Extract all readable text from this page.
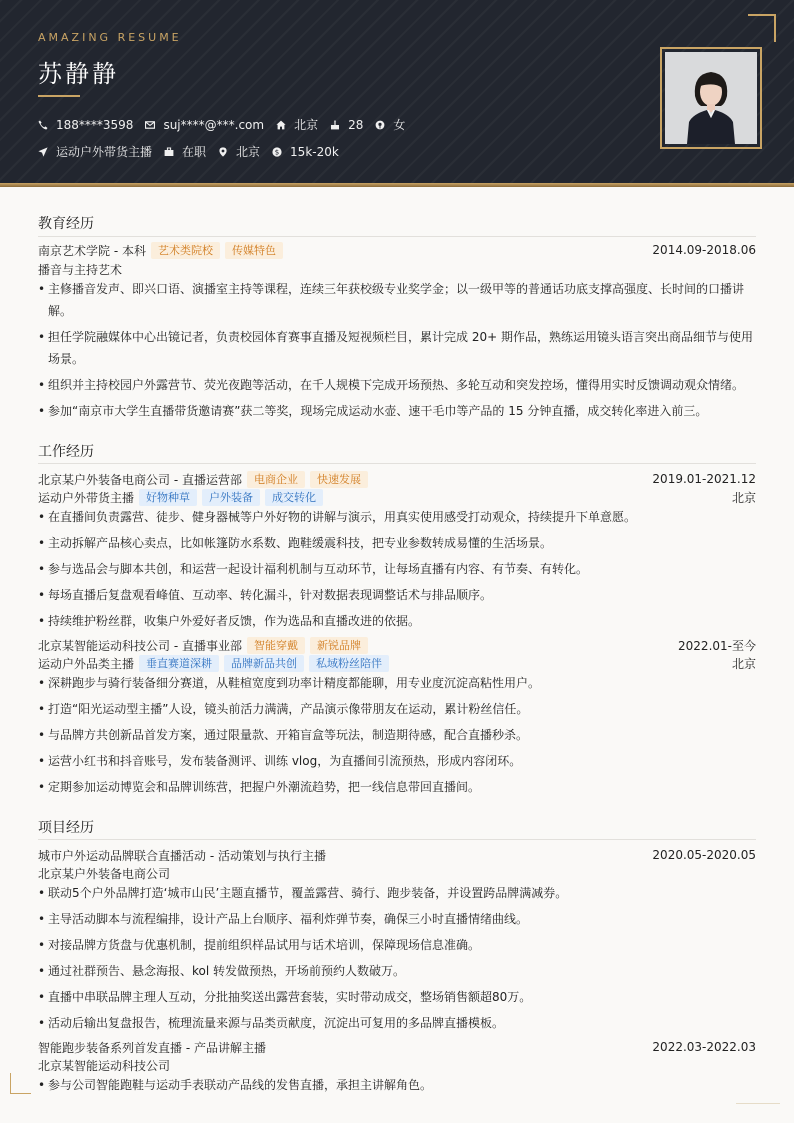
AMAZING RESUME
苏静静
188****3598	suj****@***.com	北京	28	女
运动户外带货主播	在职	北京 $ 15k-20k
教育经历
南京艺术学院 - 本科	艺术类院校	传媒特色	2014.09-2018.06
播音与主持艺术
• 主修播音发声、即兴口语、演播室主持等课程，连续三年获校级专业奖学金；以一级甲等的普通话功底支撑高强度、长时间的口播讲
解。
• 担任学院融媒体中心出镜记者，负责校园体育赛事直播及短视频栏目，累计完成 20+ 期作品，熟练运用镜头语言突出商品细节与使用
场景。
• 组织并主持校园户外露营节、荧光夜跑等活动，在千人规模下完成开场预热、多轮互动和突发控场，懂得用实时反馈调动观众情绪。
• 参加“南京市大学生直播带货邀请赛”获二等奖，现场完成运动水壶、速干毛巾等产品的 15 分钟直播，成交转化率进入前三。
工作经历
北京某户外装备电商公司 - 直播运营部	电商企业	快速发展	2019.01-2021.12
运动户外带货主播	好物种草	户外装备	成交转化	北京
• 在直播间负责露营、徒步、健身器械等户外好物的讲解与演示，用真实使用感受打动观众，持续提升下单意愿。
• 主动拆解产品核心卖点，比如帐篷防水系数、跑鞋缓震科技，把专业参数转成易懂的生活场景。
• 参与选品会与脚本共创，和运营一起设计福利机制与互动环节，让每场直播有内容、有节奏、有转化。
• 每场直播后复盘观看峰值、互动率、转化漏斗，针对数据表现调整话术与排品顺序。
• 持续维护粉丝群，收集户外爱好者反馈，作为选品和直播改进的依据。
北京某智能运动科技公司 - 直播事业部	智能穿戴	新锐品牌	2022.01-至今
运动户外品类主播	垂直赛道深耕	品牌新品共创	私域粉丝陪伴	北京
• 深耕跑步与骑行装备细分赛道，从鞋楦宽度到功率计精度都能聊，用专业度沉淀高粘性用户。
• 打造“阳光运动型主播”人设，镜头前活力满满，产品演示像带朋友在运动，累计粉丝信任。
• 与品牌方共创新品首发方案，通过限量款、开箱盲盒等玩法，制造期待感，配合直播秒杀。
• 运营小红书和抖音账号，发布装备测评、训练 vlog，为直播间引流预热，形成内容闭环。
• 定期参加运动博览会和品牌训练营，把握户外潮流趋势，把一线信息带回直播间。
项目经历
城市户外运动品牌联合直播活动 - 活动策划与执行主播	2020.05-2020.05
北京某户外装备电商公司
• 联动5个户外品牌打造‘城市山民’主题直播节，覆盖露营、骑行、跑步装备，并设置跨品牌满减券。
• 主导活动脚本与流程编排，设计产品上台顺序、福利炸弹节奏，确保三小时直播情绪曲线。
• 对接品牌方货盘与优惠机制，提前组织样品试用与话术培训，保障现场信息准确。
• 通过社群预告、悬念海报、kol 转发做预热，开场前预约人数破万。
• 直播中串联品牌主理人互动，分批抽奖送出露营套装，实时带动成交，整场销售额超80万。
• 活动后输出复盘报告，梳理流量来源与品类贡献度，沉淀出可复用的多品牌直播模板。
智能跑步装备系列首发直播 - 产品讲解主播	2022.03-2022.03
北京某智能运动科技公司
• 参与公司智能跑鞋与运动手表联动产品线的发售直播，承担主讲解角色。
